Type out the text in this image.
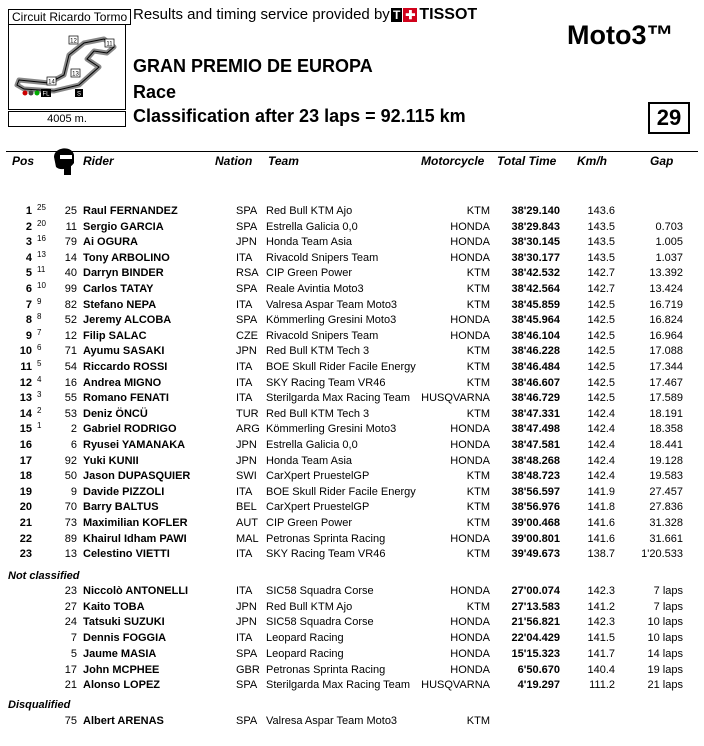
Circuit Ricardo Tormo Results and timing service provided by T ✚ TISSOT
12	11
13
14
FL	S
4005 m.
Moto3™
GRAN PREMIO DE EUROPA
Race
Classification after 23 laps = 92.115 km	29
Pos	Rider	Nation Team	Motorcycle Total Time Km/h	Gap
1 25	25 Raul FERNANDEZ	SPA Red Bull KTM Ajo	KTM	38'29.140	143.6
2 20	11 Sergio GARCIA	SPA Estrella Galicia 0,0	HONDA	38'29.843	143.5	0.703
3 16	79 Ai OGURA	JPN Honda Team Asia	HONDA	38'30.145	143.5	1.005
4 13	14 Tony ARBOLINO	ITA Rivacold Snipers Team	HONDA	38'30.177	143.5	1.037
5 11	40 Darryn BINDER	RSA CIP Green Power	KTM	38'42.532	142.7	13.392
6 10	99 Carlos TATAY	SPA Reale Avintia Moto3	KTM	38'42.564	142.7	13.424
7 9	82 Stefano NEPA	ITA Valresa Aspar Team Moto3	KTM	38'45.859	142.5	16.719
8 8	52 Jeremy ALCOBA	SPA Kömmerling Gresini Moto3	HONDA	38'45.964	142.5	16.824
9 7	12 Filip SALAC	CZE Rivacold Snipers Team	HONDA	38'46.104	142.5	16.964
10 6	71 Ayumu SASAKI	JPN Red Bull KTM Tech 3	KTM	38'46.228	142.5	17.088
11 5	54 Riccardo ROSSI	ITA BOE Skull Rider Facile Energy	KTM	38'46.484	142.5	17.344
12 4	16 Andrea MIGNO	ITA SKY Racing Team VR46	KTM	38'46.607	142.5	17.467
13 3	55 Romano FENATI	ITA Sterilgarda Max Racing Team	HUSQVARNA	38'46.729	142.5	17.589
14 2	53 Deniz ÖNCÜ	TUR Red Bull KTM Tech 3	KTM	38'47.331	142.4	18.191
15 1	2 Gabriel RODRIGO	ARG Kömmerling Gresini Moto3	HONDA	38'47.498	142.4	18.358
16	6 Ryusei YAMANAKA	JPN Estrella Galicia 0,0	HONDA	38'47.581	142.4	18.441
17	92 Yuki KUNII	JPN Honda Team Asia	HONDA	38'48.268	142.4	19.128
18	50 Jason DUPASQUIER	SWI CarXpert PruestelGP	KTM	38'48.723	142.4	19.583
19	9 Davide PIZZOLI	ITA BOE Skull Rider Facile Energy	KTM	38'56.597	141.9	27.457
20	70 Barry BALTUS	BEL CarXpert PruestelGP	KTM	38'56.976	141.8	27.836
21	73 Maximilian KOFLER	AUT CIP Green Power	KTM	39'00.468	141.6	31.328
22	89 Khairul Idham PAWI	MAL Petronas Sprinta Racing	HONDA	39'00.801	141.6	31.661
23	13 Celestino VIETTI	ITA SKY Racing Team VR46	KTM	39'49.673	138.7	1'20.533
Not classified
23 Niccolò ANTONELLI	ITA SIC58 Squadra Corse	HONDA	27'00.074	142.3	7 laps
27 Kaito TOBA	JPN Red Bull KTM Ajo	KTM	27'13.583	141.2	7 laps
24 Tatsuki SUZUKI	JPN SIC58 Squadra Corse	HONDA	21'56.821	142.3	10 laps
7 Dennis FOGGIA	ITA Leopard Racing	HONDA	22'04.429	141.5	10 laps
5 Jaume MASIA	SPA Leopard Racing	HONDA	15'15.323	141.7	14 laps
17 John MCPHEE	GBR Petronas Sprinta Racing	HONDA	6'50.670	140.4	19 laps
21 Alonso LOPEZ	SPA Sterilgarda Max Racing Team	HUSQVARNA	4'19.297	111.2	21 laps
Disqualified
75 Albert ARENAS	SPA Valresa Aspar Team Moto3	KTM
